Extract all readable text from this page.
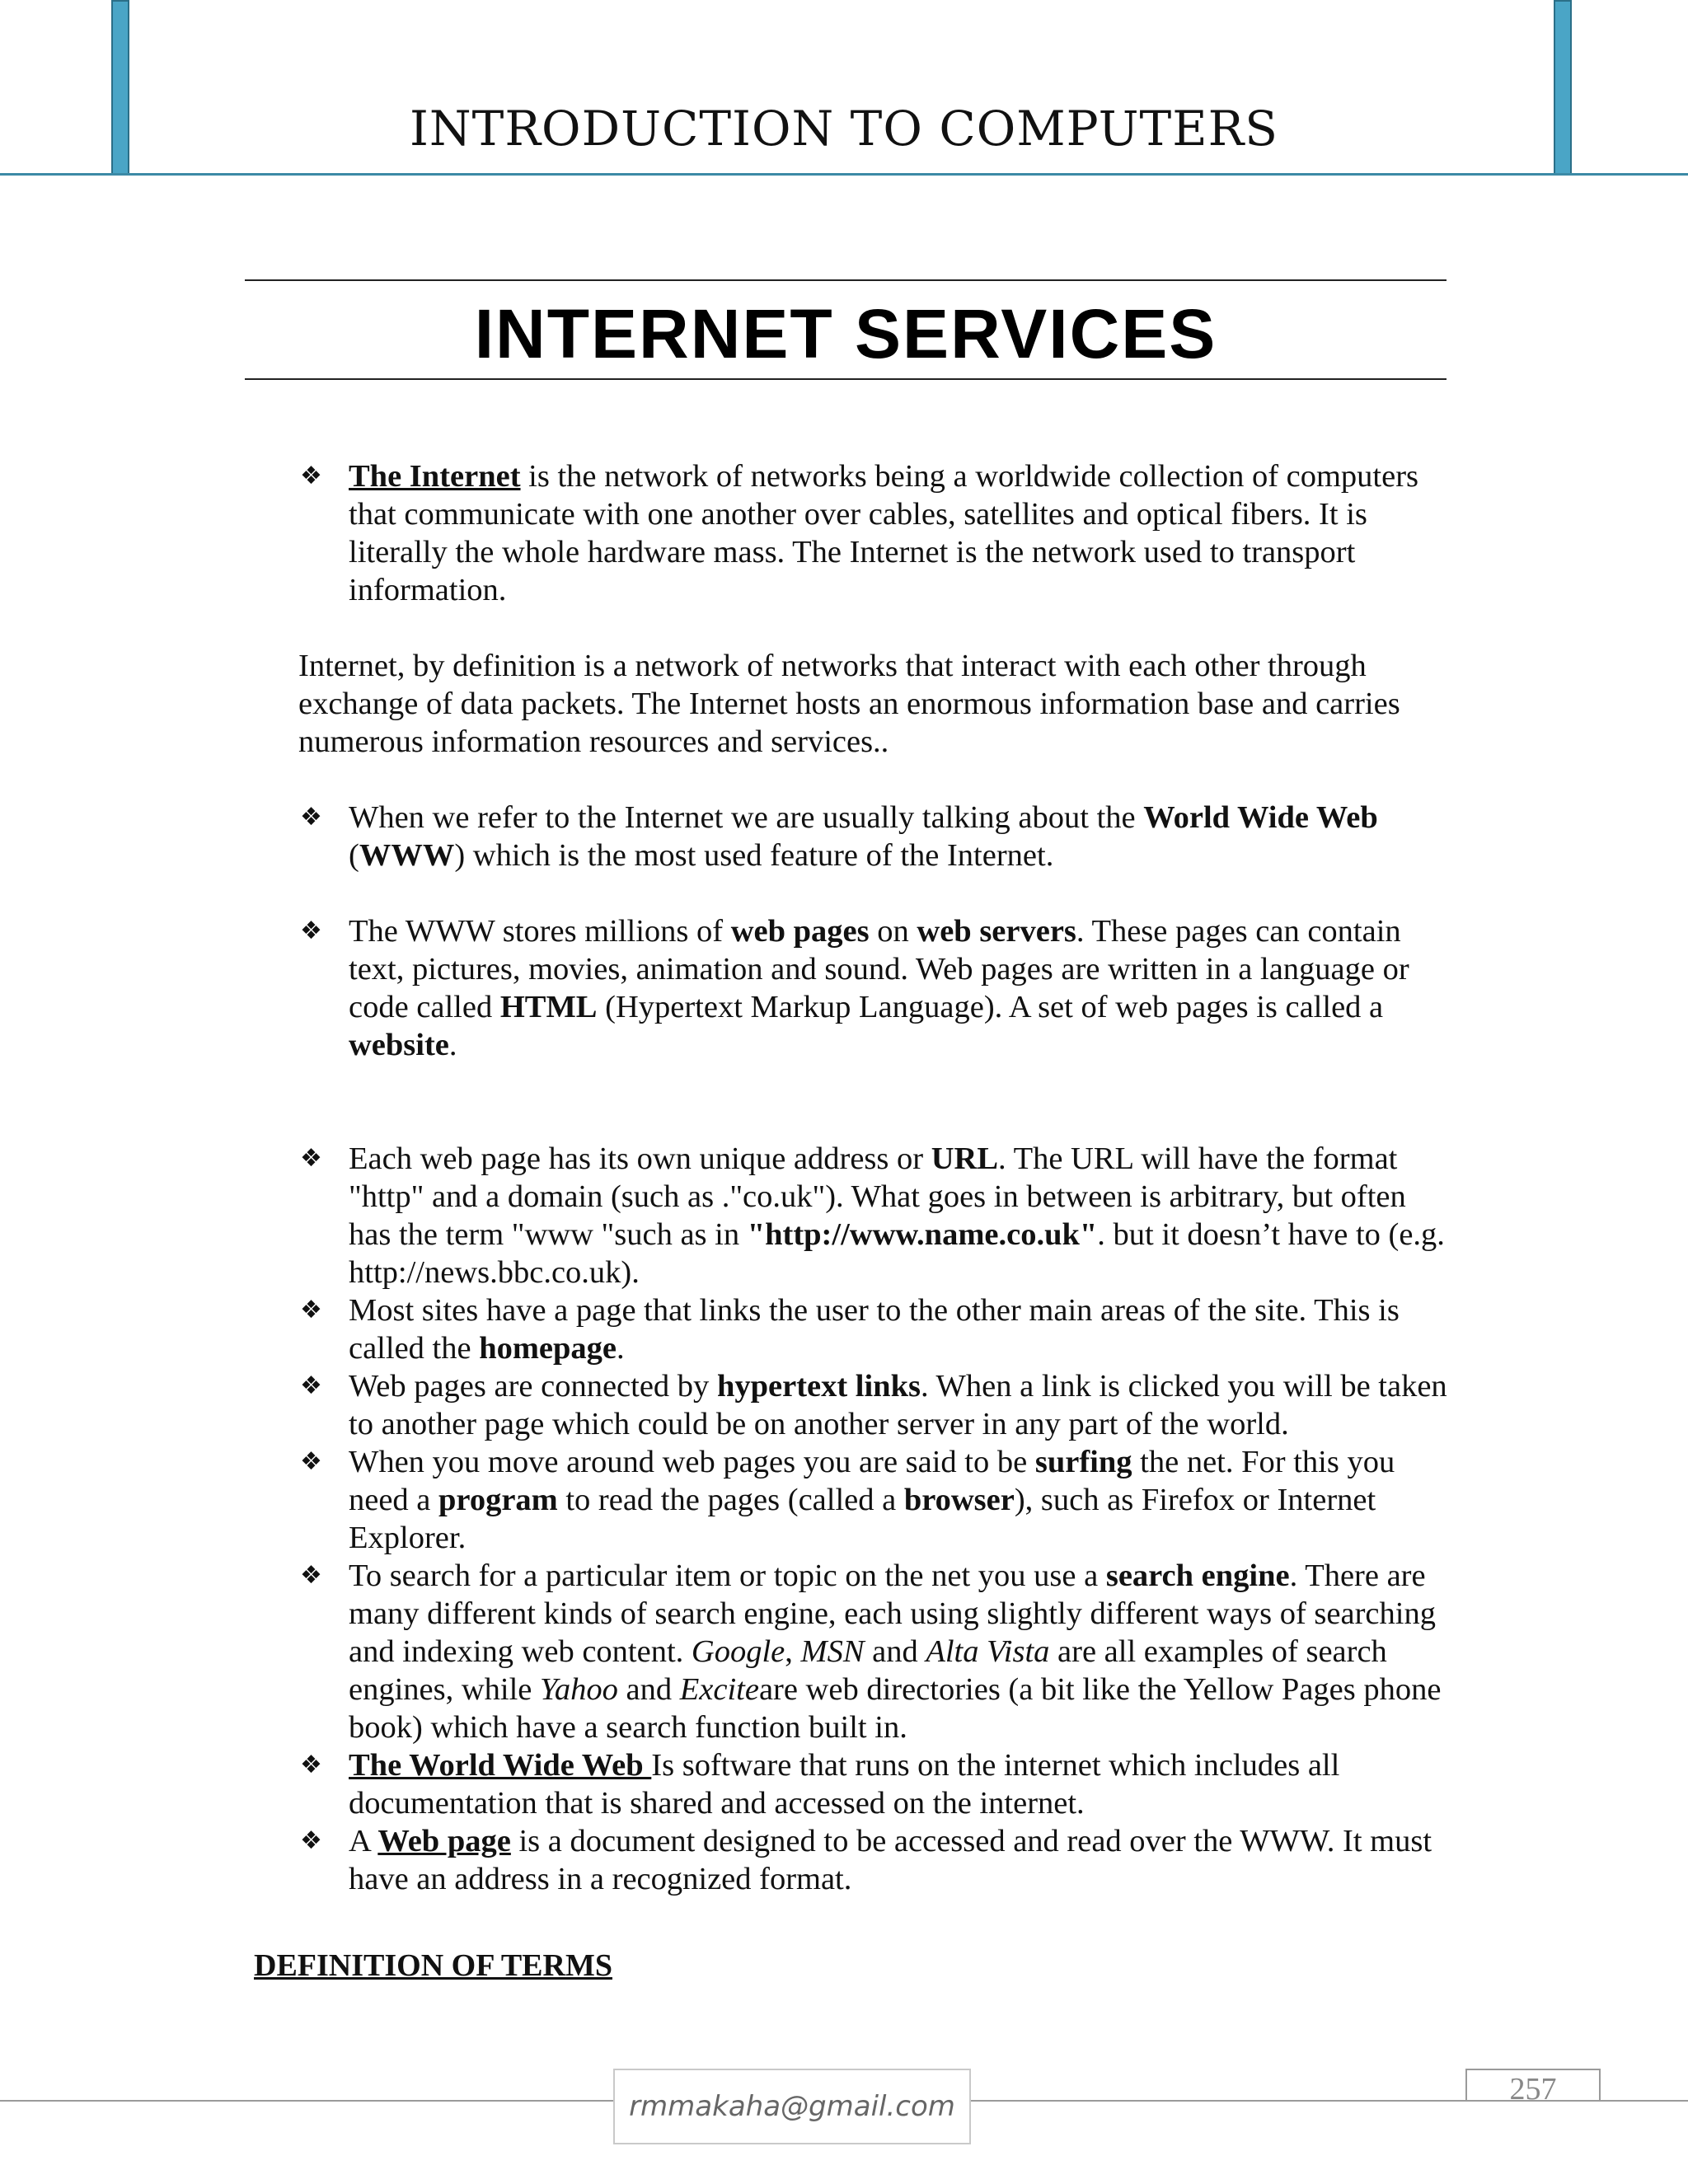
INTRODUCTION TO COMPUTERS
INTERNET SERVICES
❖ The Internet is the network of networks being a worldwide collection of computers that communicate with one another over cables, satellites and optical fibers. It is literally the whole hardware mass. The Internet is the network used to transport information.
Internet, by definition is a network of networks that interact with each other through exchange of data packets. The Internet hosts an enormous information base and carries numerous information resources and services..
❖ When we refer to the Internet we are usually talking about the World Wide Web (WWW) which is the most used feature of the Internet.
❖ The WWW stores millions of web pages on web servers. These pages can contain text, pictures, movies, animation and sound. Web pages are written in a language or code called HTML (Hypertext Markup Language). A set of web pages is called a website.
❖ Each web page has its own unique address or URL. The URL will have the format "http" and a domain (such as ."co.uk"). What goes in between is arbitrary, but often has the term "www "such as in "http://www.name.co.uk". but it doesn’t have to (e.g. http://news.bbc.co.uk).
❖ Most sites have a page that links the user to the other main areas of the site. This is called the homepage.
❖ Web pages are connected by hypertext links. When a link is clicked you will be taken to another page which could be on another server in any part of the world.
❖ When you move around web pages you are said to be surfing the net. For this you need a program to read the pages (called a browser), such as Firefox or Internet Explorer.
❖ To search for a particular item or topic on the net you use a search engine. There are many different kinds of search engine, each using slightly different ways of searching and indexing web content. Google, MSN and Alta Vista are all examples of search engines, while Yahoo and Exciteare web directories (a bit like the Yellow Pages phone book) which have a search function built in.
❖ The World Wide Web Is software that runs on the internet which includes all documentation that is shared and accessed on the internet.
❖ A Web page is a document designed to be accessed and read over the WWW. It must have an address in a recognized format.
DEFINITION OF TERMS
rmmakaha@gmail.com	257
